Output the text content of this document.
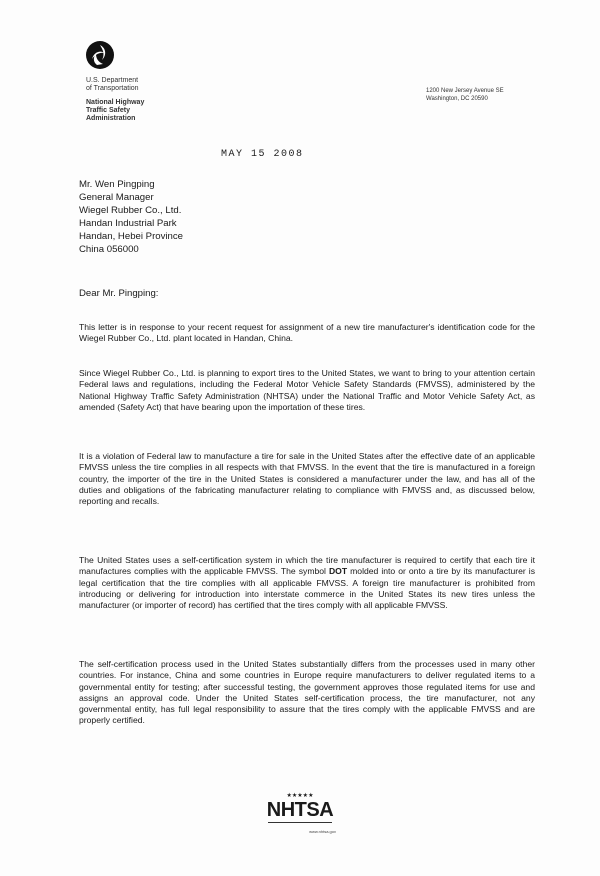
U.S. Department
of Transportation
National Highway
Traffic Safety
Administration
1200 New Jersey Avenue SE
Washington, DC 20590
MAY 15 2008
Mr. Wen Pingping
General Manager
Wiegel Rubber Co., Ltd.
Handan Industrial Park
Handan, Hebei Province
China 056000
Dear Mr. Pingping:
This letter is in response to your recent request for assignment of a new tire manufacturer's identification code for the Wiegel Rubber Co., Ltd. plant located in Handan, China.
Since Wiegel Rubber Co., Ltd. is planning to export tires to the United States, we want to bring to your attention certain Federal laws and regulations, including the Federal Motor Vehicle Safety Standards (FMVSS), administered by the National Highway Traffic Safety Administration (NHTSA) under the National Traffic and Motor Vehicle Safety Act, as amended (Safety Act) that have bearing upon the importation of these tires.
It is a violation of Federal law to manufacture a tire for sale in the United States after the effective date of an applicable FMVSS unless the tire complies in all respects with that FMVSS. In the event that the tire is manufactured in a foreign country, the importer of the tire in the United States is considered a manufacturer under the law, and has all of the duties and obligations of the fabricating manufacturer relating to compliance with FMVSS and, as discussed below, reporting and recalls.
The United States uses a self-certification system in which the tire manufacturer is required to certify that each tire it manufactures complies with the applicable FMVSS. The symbol DOT molded into or onto a tire by its manufacturer is legal certification that the tire complies with all applicable FMVSS. A foreign tire manufacturer is prohibited from introducing or delivering for introduction into interstate commerce in the United States its new tires unless the manufacturer (or importer of record) has certified that the tires comply with all applicable FMVSS.
The self-certification process used in the United States substantially differs from the processes used in many other countries. For instance, China and some countries in Europe require manufacturers to deliver regulated items to a governmental entity for testing; after successful testing, the government approves those regulated items for use and assigns an approval code. Under the United States self-certification process, the tire manufacturer, not any governmental entity, has full legal responsibility to assure that the tires comply with the applicable FMVSS and are properly certified.
★★★★★
NHTSA

www.nhtsa.gov
